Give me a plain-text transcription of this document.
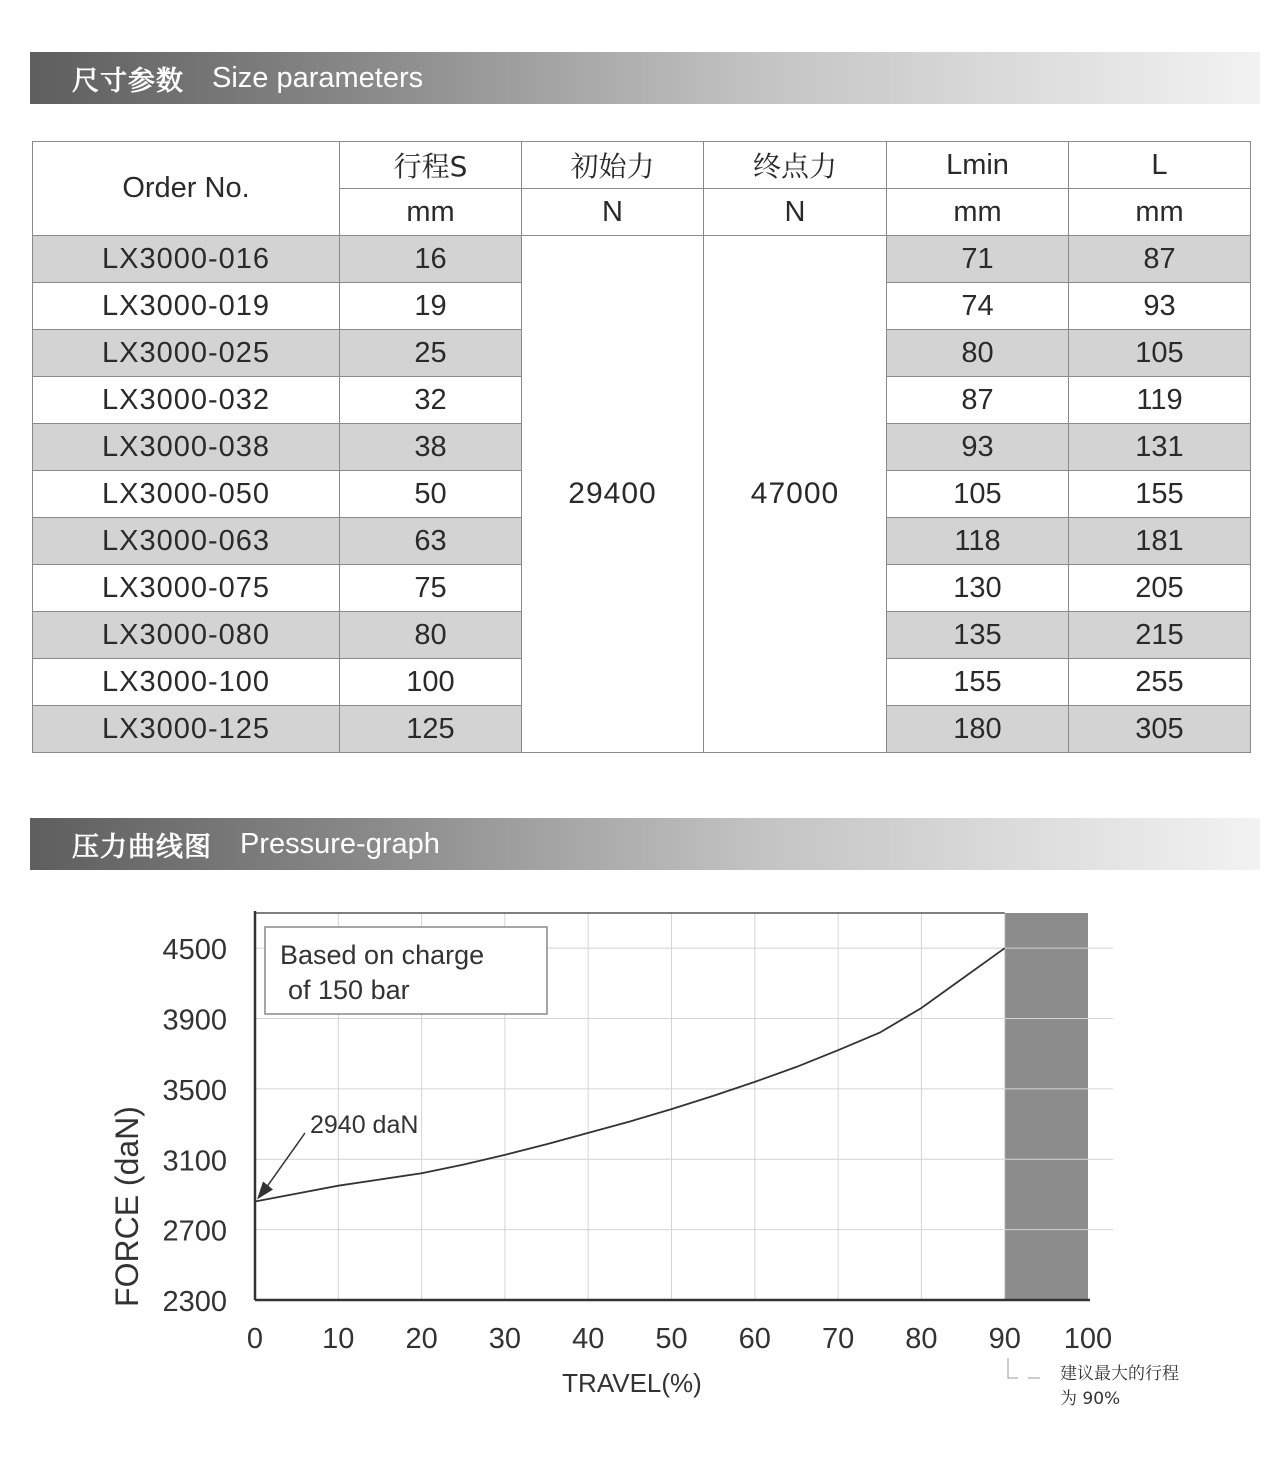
尺寸参数 Size parameters
Order No.	行程S	初始力	终点力	Lmin	L
	mm	N	N	mm	mm
LX3000-016	16	29400	47000	71	87
LX3000-019	19			74	93
LX3000-025	25			80	105
LX3000-032	32			87	119
LX3000-038	38			93	131
LX3000-050	50			105	155
LX3000-063	63			118	181
LX3000-075	75			130	205
LX3000-080	80			135	215
LX3000-100	100			155	255
LX3000-125	125			180	305
压力曲线图 Pressure-graph
0 10 20 30 40 50 60 70 80 90 100
2300
2700
3100
3500
3900
4500
TRAVEL(%)
FORCE (daN)
Based on charge
of 150 bar
2940 daN
建议最大的行程
为 90%
